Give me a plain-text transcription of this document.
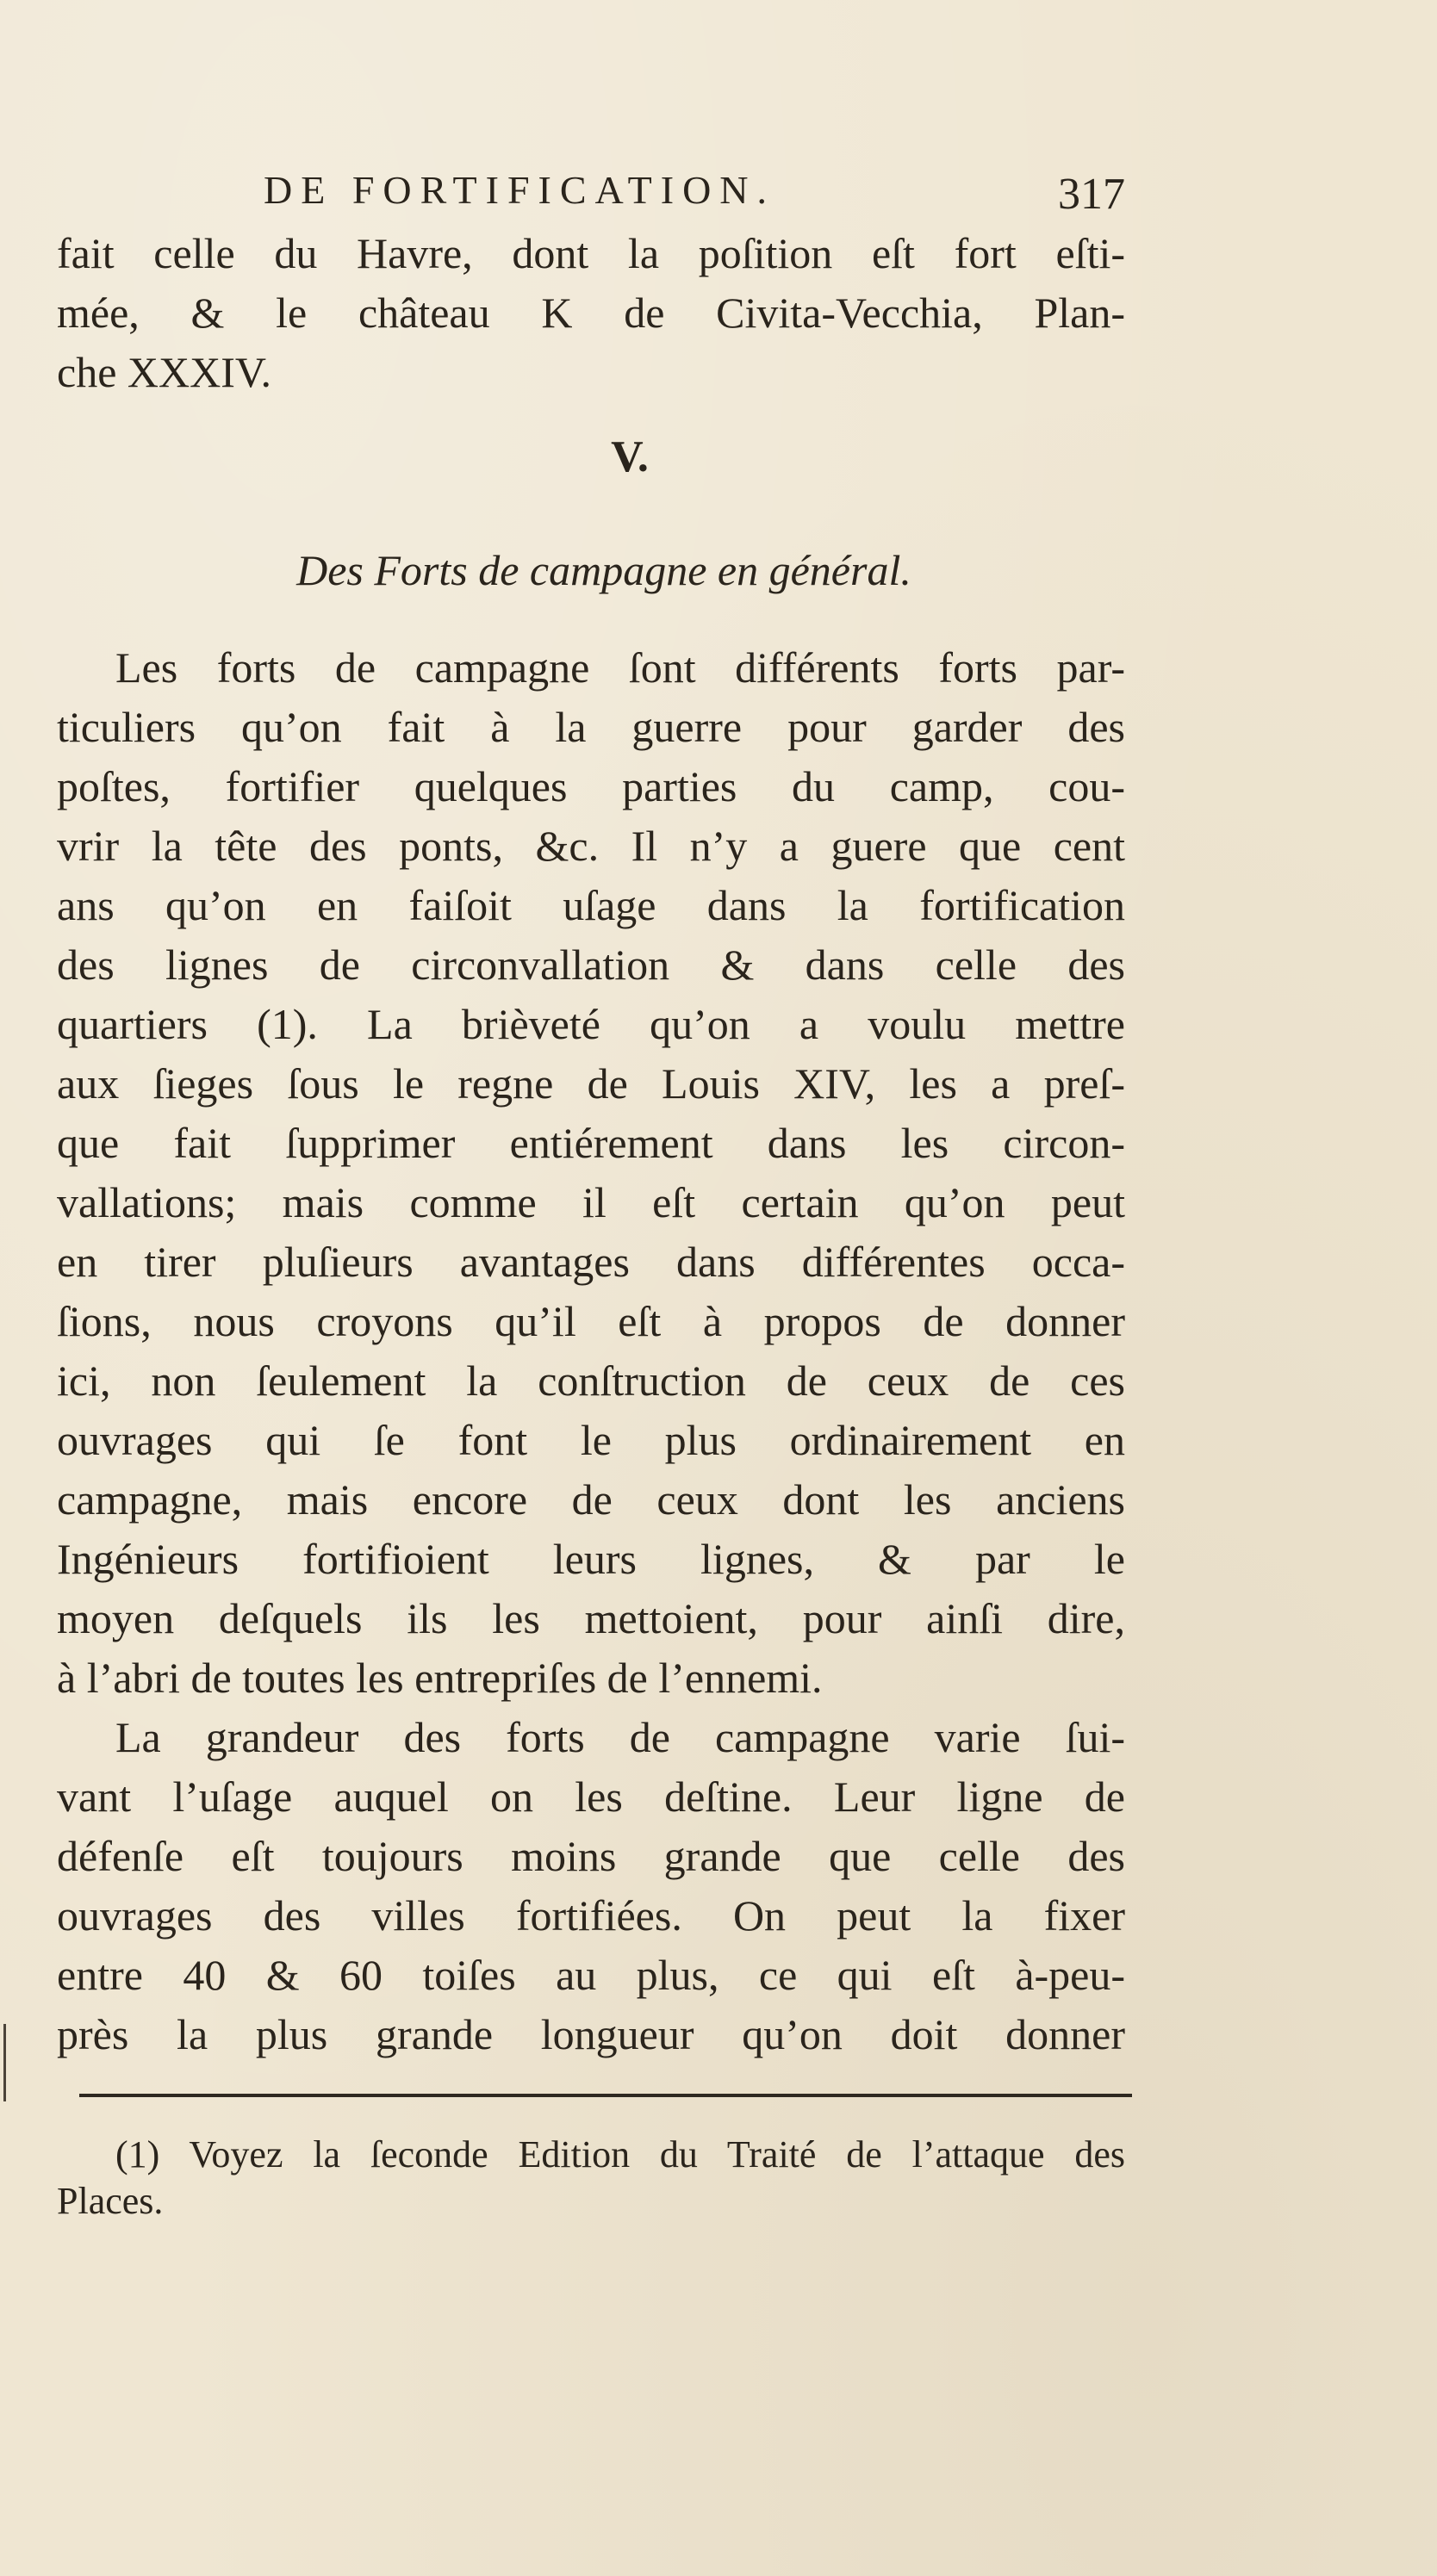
DE FORTIFICATION.	317
fait celle du Havre, dont la poſition eſt fort eſti-
mée, & le château K de Civita-Vecchia, Plan-
che XXXIV.
V.
Des Forts de campagne en général.
Les forts de campagne ſont différents forts par-
ticuliers qu’on fait à la guerre pour garder des
poſtes, fortifier quelques parties du camp, cou-
vrir la tête des ponts, &c. Il n’y a guere que cent
ans qu’on en faiſoit uſage dans la fortification
des lignes de circonvallation & dans celle des
quartiers (1). La brièveté qu’on a voulu mettre
aux ſieges ſous le regne de Louis XIV, les a preſ-
que fait ſupprimer entiérement dans les circon-
vallations; mais comme il eſt certain qu’on peut
en tirer pluſieurs avantages dans différentes occa-
ſions, nous croyons qu’il eſt à propos de donner
ici, non ſeulement la conſtruction de ceux de ces
ouvrages qui ſe font le plus ordinairement en
campagne, mais encore de ceux dont les anciens
Ingénieurs fortifioient leurs lignes, & par le
moyen deſquels ils les mettoient, pour ainſi dire,
à l’abri de toutes les entrepriſes de l’ennemi.
La grandeur des forts de campagne varie ſui-
vant l’uſage auquel on les deſtine. Leur ligne de
défenſe eſt toujours moins grande que celle des
ouvrages des villes fortifiées. On peut la fixer
entre 40 & 60 toiſes au plus, ce qui eſt à-peu-
près la plus grande longueur qu’on doit donner
(1) Voyez la ſeconde Edition du Traité de l’attaque des
Places.
